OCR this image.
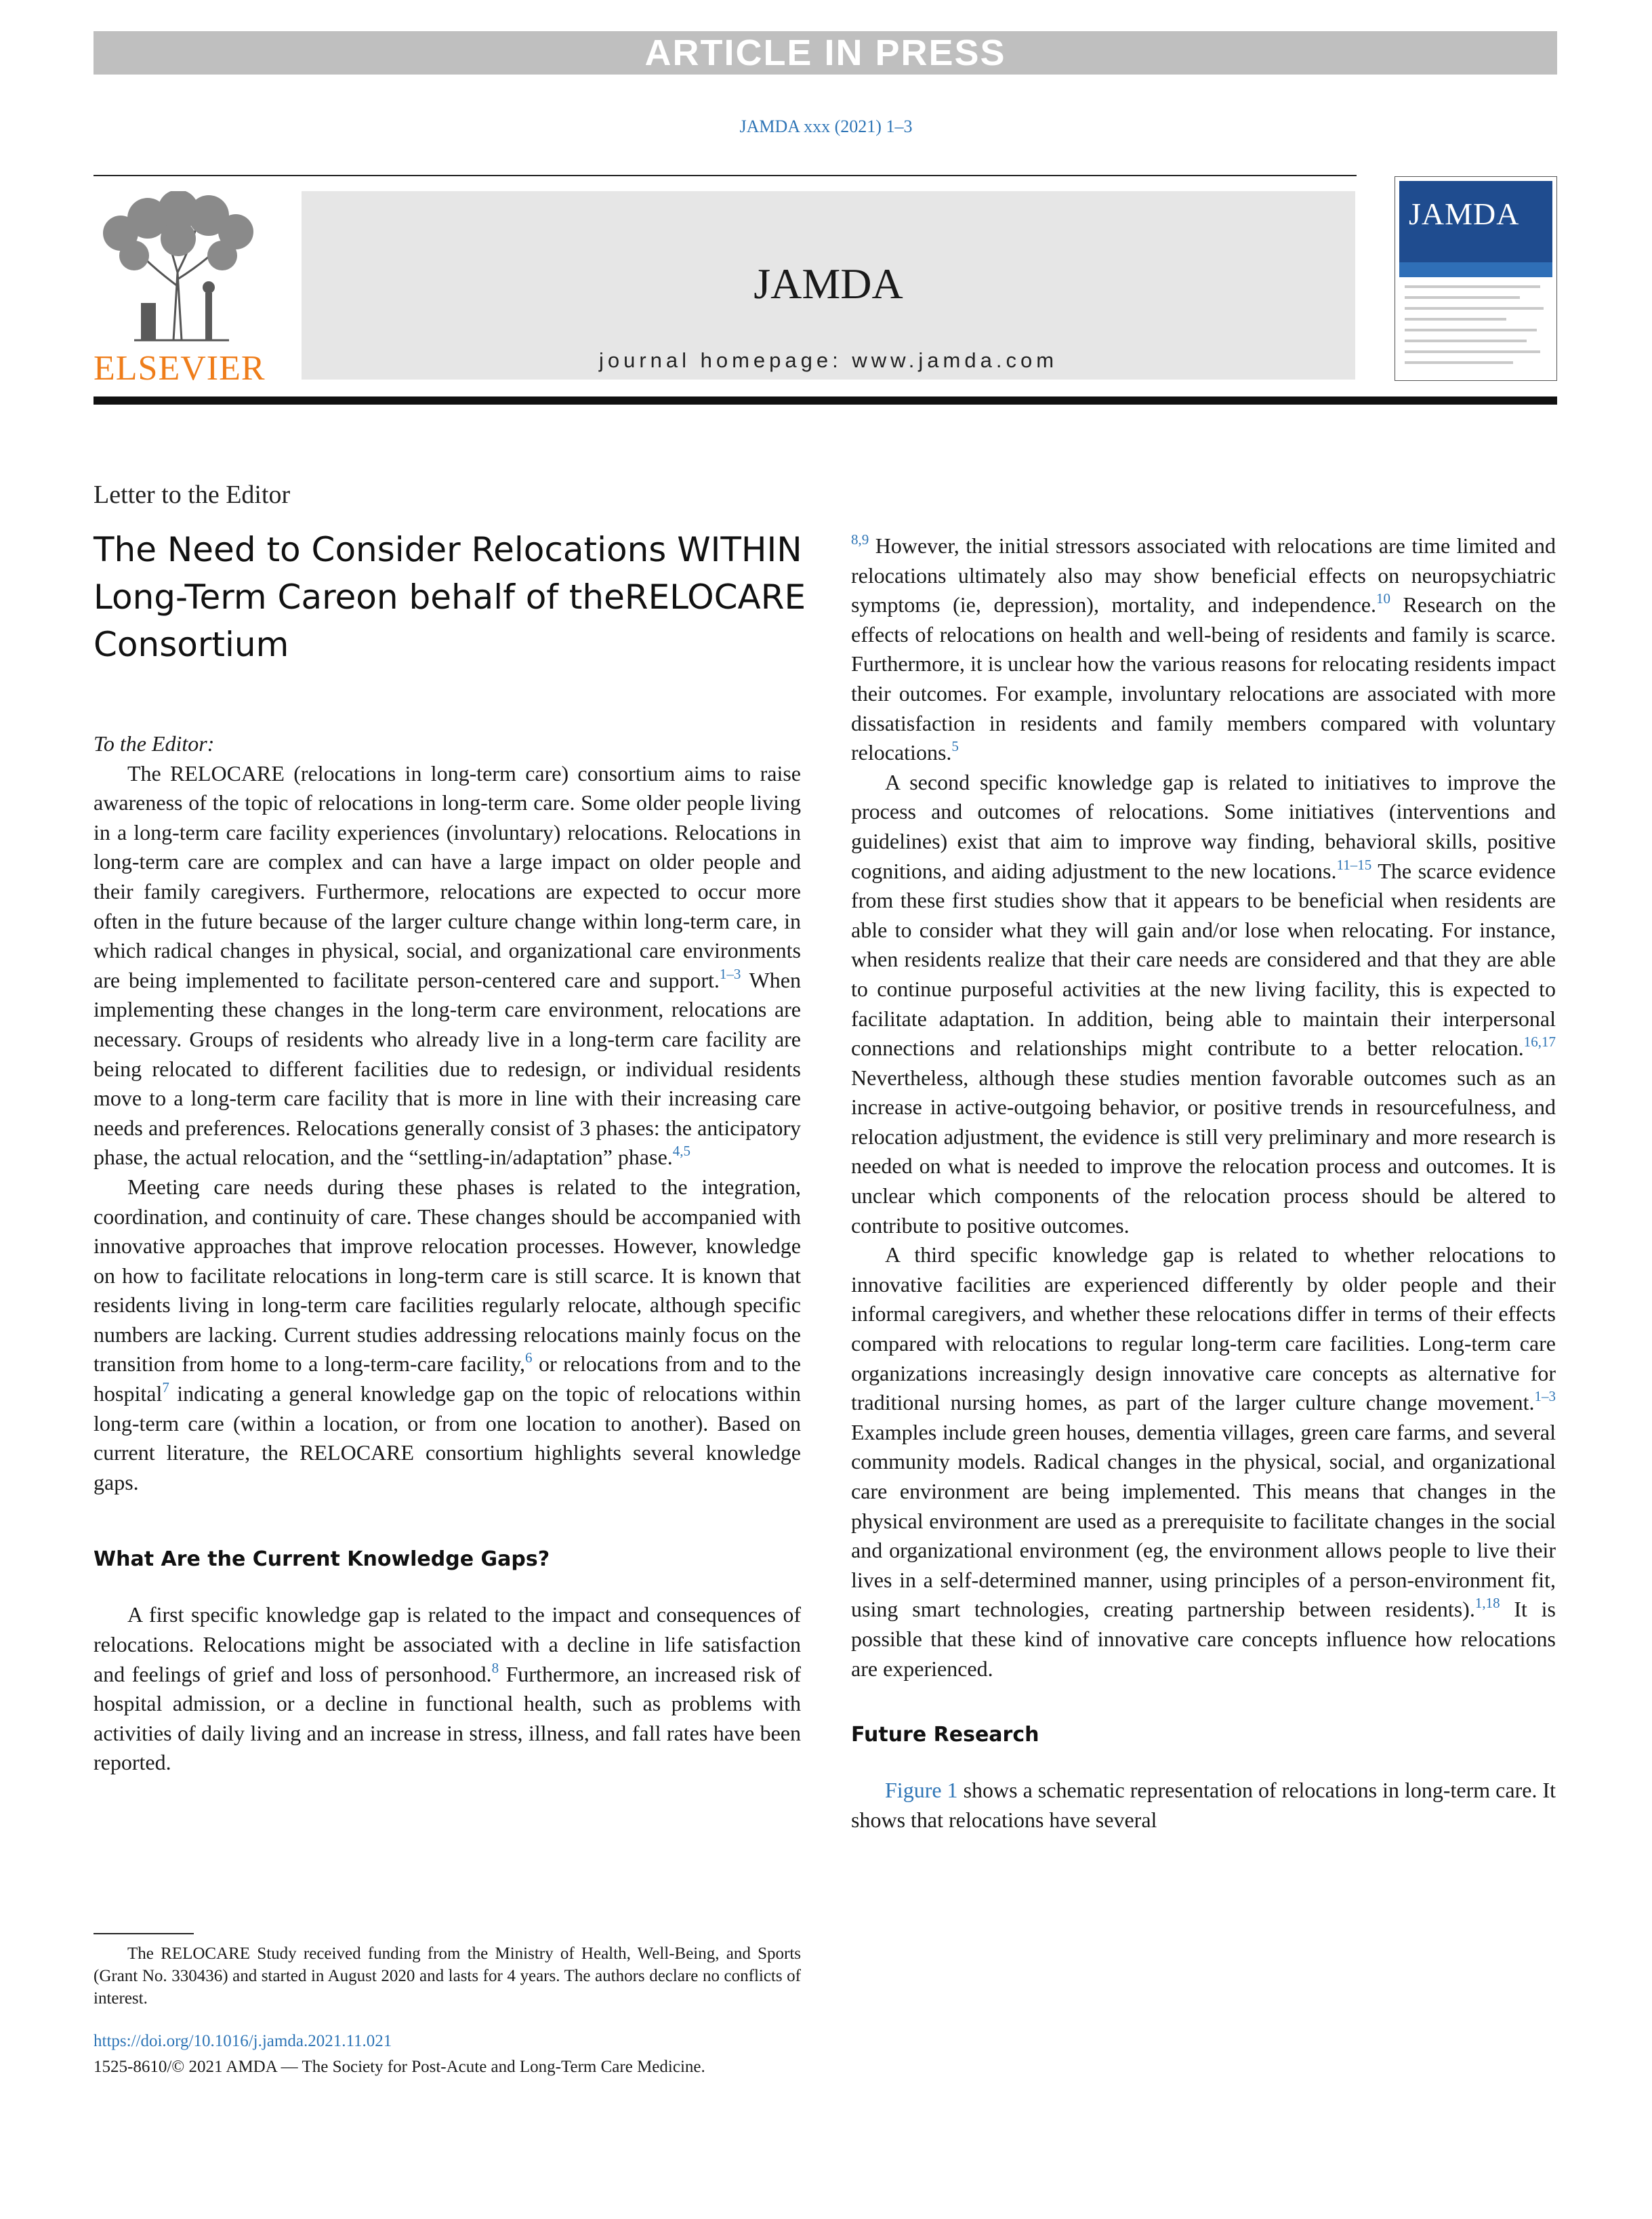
ARTICLE IN PRESS
JAMDA xxx (2021) 1–3
ELSEVIER
JAMDA
journal homepage: www.jamda.com
JAMDA
Letter to the Editor
The Need to Consider Relocations WITHIN Long-Term Careon behalf of theRELOCARE Consortium

To the Editor:

The RELOCARE (relocations in long-term care) consortium aims to raise awareness of the topic of relocations in long-term care. Some older people living in a long-term care facility experiences (involuntary) relocations. Relocations in long-term care are complex and can have a large impact on older people and their family caregivers. Furthermore, relocations are expected to occur more often in the future because of the larger culture change within long-term care, in which radical changes in physical, social, and organizational care environments are being implemented to facilitate person-centered care and support.$^{1-3}$ When implementing these changes in the long-term care environment, relocations are necessary. Groups of residents who already live in a long-term care facility are being relocated to different facilities due to redesign, or individual residents move to a long-term care facility that is more in line with their increasing care needs and preferences. Relocations generally consist of 3 phases: the anticipatory phase, the actual relocation, and the “settling-in/adaptation” phase.$^{4,5}$

Meeting care needs during these phases is related to the integration, coordination, and continuity of care. These changes should be accompanied with innovative approaches that improve relocation processes. However, knowledge on how to facilitate relocations in long-term care is still scarce. It is known that residents living in long-term care facilities regularly relocate, although specific numbers are lacking. Current studies addressing relocations mainly focus on the transition from home to a long-term-care facility,$^6$ or relocations from and to the hospital$^7$ indicating a general knowledge gap on the topic of relocations within long-term care (within a location, or from one location to another). Based on current literature, the RELOCARE consortium highlights several knowledge gaps.

What Are the Current Knowledge Gaps?

A first specific knowledge gap is related to the impact and consequences of relocations. Relocations might be associated with a decline in life satisfaction and feelings of grief and loss of personhood.$^8$ Furthermore, an increased risk of hospital admission, or a decline in functional health, such as problems with activities of daily living and an increase in stress, illness, and fall rates have been reported.

$^{8,9}$ However, the initial stressors associated with relocations are time limited and relocations ultimately also may show beneficial effects on neuropsychiatric symptoms (ie, depression), mortality, and independence.$^{10}$ Research on the effects of relocations on health and well-being of residents and family is scarce. Furthermore, it is unclear how the various reasons for relocating residents impact their outcomes. For example, involuntary relocations are associated with more dissatisfaction in residents and family members compared with voluntary relocations.$^5$

A second specific knowledge gap is related to initiatives to improve the process and outcomes of relocations. Some initiatives (interventions and guidelines) exist that aim to improve way finding, behavioral skills, positive cognitions, and aiding adjustment to the new locations.$^{11-15}$ The scarce evidence from these first studies show that it appears to be beneficial when residents are able to consider what they will gain and/or lose when relocating. For instance, when residents realize that their care needs are considered and that they are able to continue purposeful activities at the new living facility, this is expected to facilitate adaptation. In addition, being able to maintain their interpersonal connections and relationships might contribute to a better relocation.$^{16,17}$ Nevertheless, although these studies mention favorable outcomes such as an increase in active-outgoing behavior, or positive trends in resourcefulness, and relocation adjustment, the evidence is still very preliminary and more research is needed on what is needed to improve the relocation process and outcomes. It is unclear which components of the relocation process should be altered to contribute to positive outcomes.

A third specific knowledge gap is related to whether relocations to innovative facilities are experienced differently by older people and their informal caregivers, and whether these relocations differ in terms of their effects compared with relocations to regular long-term care facilities. Long-term care organizations increasingly design innovative care concepts as alternative for traditional nursing homes, as part of the larger culture change movement.$^{1-3}$ Examples include green houses, dementia villages, green care farms, and several community models. Radical changes in the physical, social, and organizational care environment are being implemented. This means that changes in the physical environment are used as a prerequisite to facilitate changes in the social and organizational environment (eg, the environment allows people to live their lives in a self-determined manner, using principles of a person-environment fit, using smart technologies, creating partnership between residents).$^{1,18}$ It is possible that these kind of innovative care concepts influence how relocations are experienced.

Future Research

Figure 1 shows a schematic representation of relocations in long-term care. It shows that relocations have several

The RELOCARE Study received funding from the Ministry of Health, Well-Being, and Sports (Grant No. 330436) and started in August 2020 and lasts for 4 years. The authors declare no conflicts of interest.
https://doi.org/10.1016/j.jamda.2021.11.021
1525-8610/© 2021 AMDA — The Society for Post-Acute and Long-Term Care Medicine.
